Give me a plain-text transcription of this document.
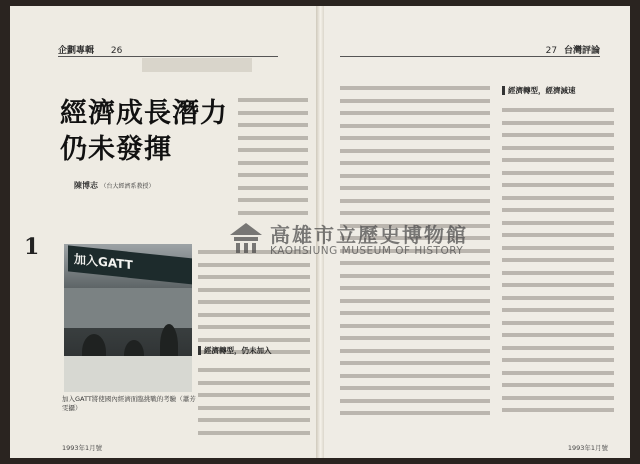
企劃專輯 26
經濟成長潛力
仍未發揮
陳博志 （台大經濟系教授）
1
加入GATT
加入GATT將使國內經濟面臨挑戰的考驗（蕭芳雯攝）
經濟轉型，仍未加入
1993年1月號
27 台灣評論
經濟轉型，經濟減速
1993年1月號
高雄市立歷史博物館
KAOHSIUNG MUSEUM OF HISTORY
